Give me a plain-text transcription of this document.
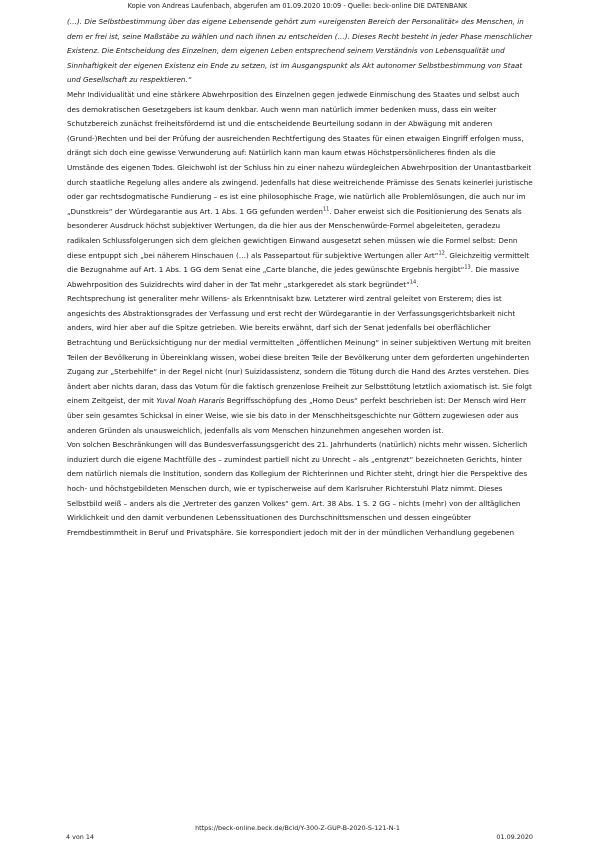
Kopie von Andreas Laufenbach, abgerufen am 01.09.2020 10:09 - Quelle: beck-online DIE DATENBANK

(…). Die Selbstbestimmung über das eigene Lebensende gehört zum «ureigensten Bereich der Personalität» des Menschen, in dem er frei ist, seine Maßstäbe zu wählen und nach ihnen zu entscheiden (…). Dieses Recht besteht in jeder Phase menschlicher Existenz. Die Entscheidung des Einzelnen, dem eigenen Leben entsprechend seinem Verständnis von Lebensqualität und Sinnhaftigkeit der eigenen Existenz ein Ende zu setzen, ist im Ausgangspunkt als Akt autonomer Selbstbestimmung von Staat und Gesellschaft zu respektieren.“

Mehr Individualität und eine stärkere Abwehrposition des Einzelnen gegen jedwede Einmischung des Staates und selbst auch des demokratischen Gesetzgebers ist kaum denkbar. Auch wenn man natürlich immer bedenken muss, dass ein weiter Schutzbereich zunächst freiheitsfördernd ist und die entscheidende Beurteilung sodann in der Abwägung mit anderen (Grund-)Rechten und bei der Prüfung der ausreichenden Rechtfertigung des Staates für einen etwaigen Eingriff erfolgen muss, drängt sich doch eine gewisse Verwunderung auf: Natürlich kann man kaum etwas Höchstpersönlicheres finden als die Umstände des eigenen Todes. Gleichwohl ist der Schluss hin zu einer nahezu würdegleichen Abwehrposition der Unantastbarkeit durch staatliche Regelung alles andere als zwingend. Jedenfalls hat diese weitreichende Prämisse des Senats keinerlei juristische oder gar rechtsdogmatische Fundierung – es ist eine philosophische Frage, wie natürlich alle Problemlösungen, die auch nur im „Dunstkreis“ der Würdegarantie aus Art. 1 Abs. 1 GG gefunden werden$^{11}$. Daher erweist sich die Positionierung des Senats als besonderer Ausdruck höchst subjektiver Wertungen, da die hier aus der Menschenwürde-Formel abgeleiteten, geradezu radikalen Schlussfolgerungen sich dem gleichen gewichtigen Einwand ausgesetzt sehen müssen wie die Formel selbst: Denn diese entpuppt sich „bei näherem Hinschauen (…) als Passepartout für subjektive Wertungen aller Art“$^{12}$. Gleichzeitig vermittelt die Bezugnahme auf Art. 1 Abs. 1 GG dem Senat eine „Carte blanche, die jedes gewünschte Ergebnis hergibt“$^{13}$. Die massive Abwehrposition des Suizidrechts wird daher in der Tat mehr „starkgeredet als stark begründet“$^{14}$.

Rechtsprechung ist generaliter mehr Willens- als Erkenntnisakt bzw. Letzterer wird zentral geleitet von Ersterem; dies ist angesichts des Abstraktionsgrades der Verfassung und erst recht der Würdegarantie in der Verfassungsgerichtsbarkeit nicht anders, wird hier aber auf die Spitze getrieben. Wie bereits erwähnt, darf sich der Senat jedenfalls bei oberflächlicher Betrachtung und Berücksichtigung nur der medial vermittelten „öffentlichen Meinung“ in seiner subjektiven Wertung mit breiten Teilen der Bevölkerung in Übereinklang wissen, wobei diese breiten Teile der Bevölkerung unter dem geforderten ungehinderten Zugang zur „Sterbehilfe“ in der Regel nicht (nur) Suizidassistenz, sondern die Tötung durch die Hand des Arztes verstehen. Dies ändert aber nichts daran, dass das Votum für die faktisch grenzenlose Freiheit zur Selbsttötung letztlich axiomatisch ist. Sie folgt einem Zeitgeist, der mit Yuval Noah Hararis Begriffsschöpfung des „Homo Deus“ perfekt beschrieben ist: Der Mensch wird Herr über sein gesamtes Schicksal in einer Weise, wie sie bis dato in der Menschheitsgeschichte nur Göttern zugewiesen oder aus anderen Gründen als unausweichlich, jedenfalls als vom Menschen hinzunehmen angesehen worden ist.

Von solchen Beschränkungen will das Bundesverfassungsgericht des 21. Jahrhunderts (natürlich) nichts mehr wissen. Sicherlich induziert durch die eigene Machtfülle des – zumindest partiell nicht zu Unrecht – als „entgrenzt“ bezeichneten Gerichts, hinter dem natürlich niemals die Institution, sondern das Kollegium der Richterinnen und Richter steht, dringt hier die Perspektive des hoch- und höchstgebildeten Menschen durch, wie er typischerweise auf dem Karlsruher Richterstuhl Platz nimmt. Dieses Selbstbild weiß – anders als die „Vertreter des ganzen Volkes“ gem. Art. 38 Abs. 1 S. 2 GG – nichts (mehr) von der alltäglichen Wirklichkeit und den damit verbundenen Lebenssituationen des Durchschnittsmenschen und dessen eingeübter Fremdbestimmtheit in Beruf und Privatsphäre. Sie korrespondiert jedoch mit der in der mündlichen Verhandlung gegebenen

https://beck-online.beck.de/Bcid/Y-300-Z-GUP-B-2020-S-121-N-1
4 von 14	01.09.2020
